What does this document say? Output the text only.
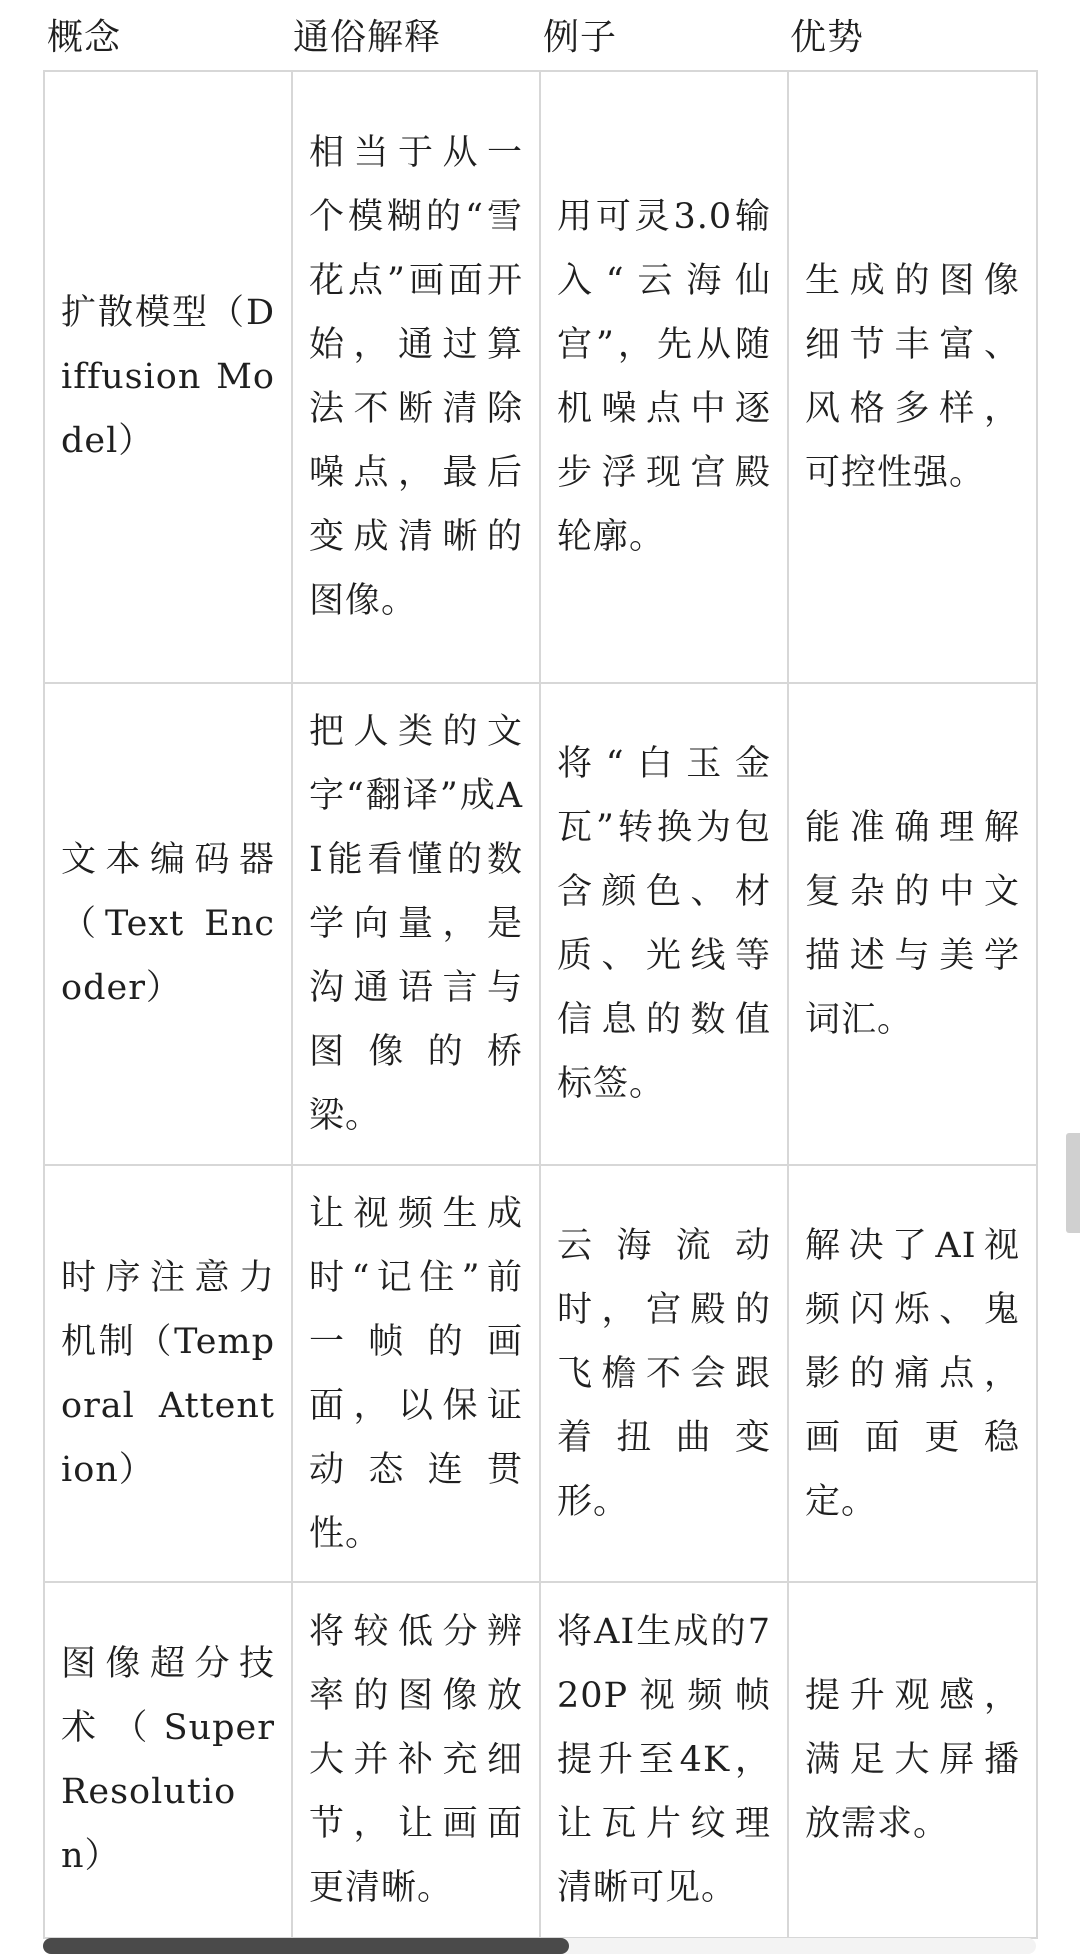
概念	通俗解释	例子	优势
扩散模型（Diffusion Model）	相当于从一个模糊的“雪花点”画面开始，通过算法不断清除噪点，最后变成清晰的图像。	用可灵3.0输入“云海仙宫”，先从随机噪点中逐步浮现宫殿轮廓。	生成的图像细节丰富、风格多样，可控性强。
文本编码器（Text Encoder）	把人类的文字“翻译”成AI能看懂的数学向量，是沟通语言与图像的桥梁。	将“白玉金瓦”转换为包含颜色、材质、光线等信息的数值标签。	能准确理解复杂的中文描述与美学词汇。
时序注意力机制（Temporal Attention）	让视频生成时“记住”前一帧的画面，以保证动态连贯性。	云海流动时，宫殿的飞檐不会跟着扭曲变形。	解决了AI视频闪烁、鬼影的痛点，画面更稳定。
图像超分技术（Super Resolution）	将较低分辨率的图像放大并补充细节，让画面更清晰。	将AI生成的720P视频帧提升至4K，让瓦片纹理清晰可见。	提升观感，满足大屏播放需求。
